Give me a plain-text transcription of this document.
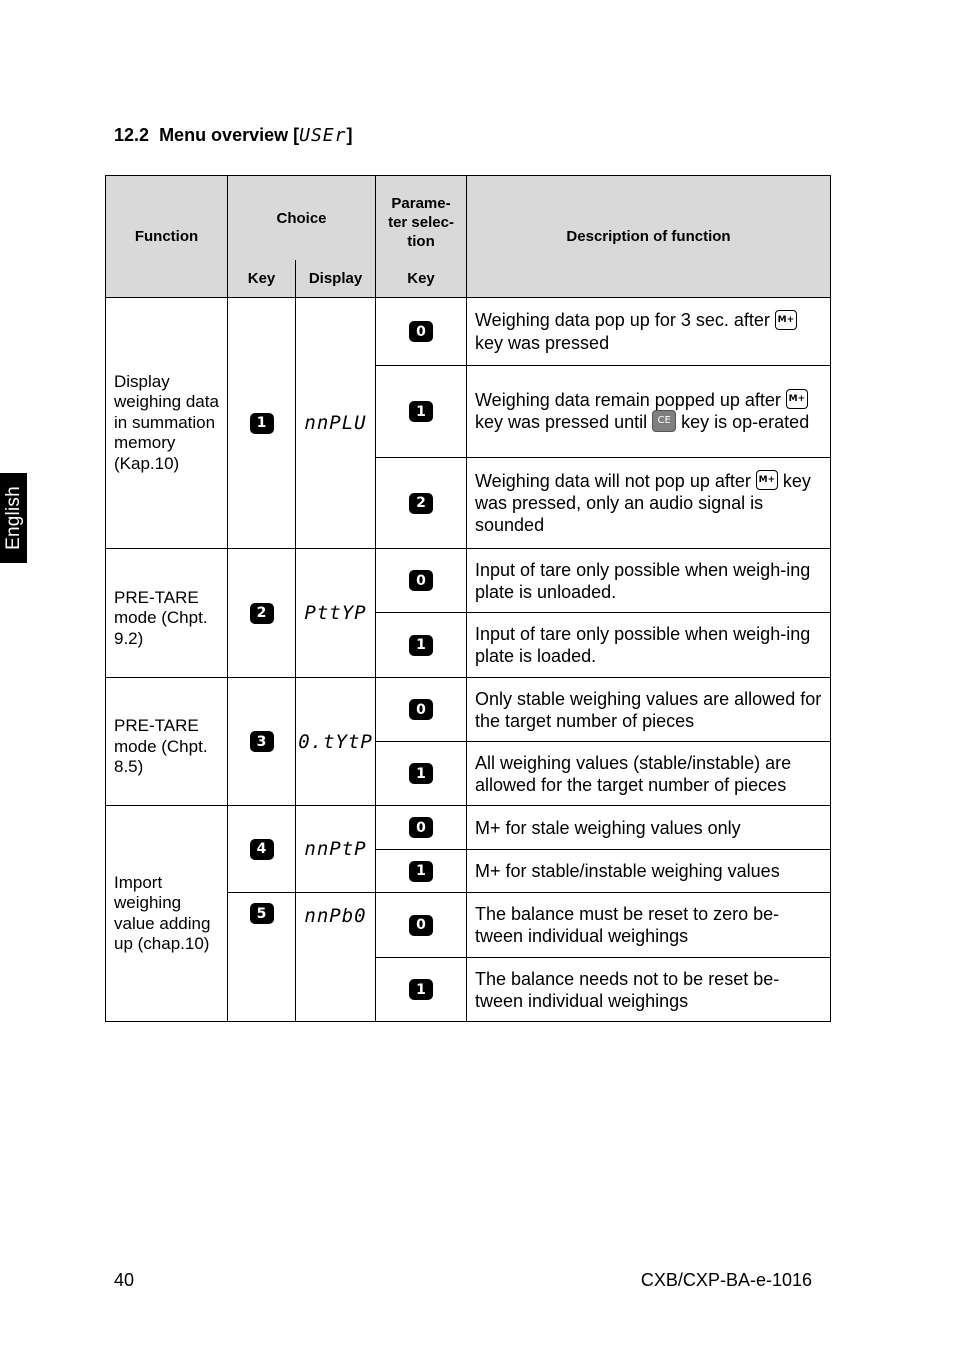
English
12.2 Menu overview [USEr]
Function	Choice		Parame-
ter selec-
tion	Description of function
	Key	Display	Key	
Display weighing data in summation memory (Kap.10)	1	nnPLU	0	Weighing data pop up for 3 sec. after M+ key was pressed
			1	Weighing data remain popped up after M+ key was pressed until CE key is op-erated
			2	Weighing data will not pop up after M+ key was pressed, only an audio signal is sounded
PRE-TARE mode (Chpt. 9.2)	2	PttYP	0	Input of tare only possible when weigh-ing plate is unloaded.
			1	Input of tare only possible when weigh-ing plate is loaded.
PRE-TARE mode (Chpt. 8.5)	3	0.tYtP	0	Only stable weighing values are allowed for the target number of pieces
			1	All weighing values (stable/instable) are allowed for the target number of pieces
Import weighing value adding up (chap.10)	4	nnPtP	0	M+ for stale weighing values only
			1	M+ for stable/instable weighing values
	5	nnPb0	0	The balance must be reset to zero be-tween individual weighings
			1	The balance needs not to be reset be-tween individual weighings
40	CXB/CXP-BA-e-1016
